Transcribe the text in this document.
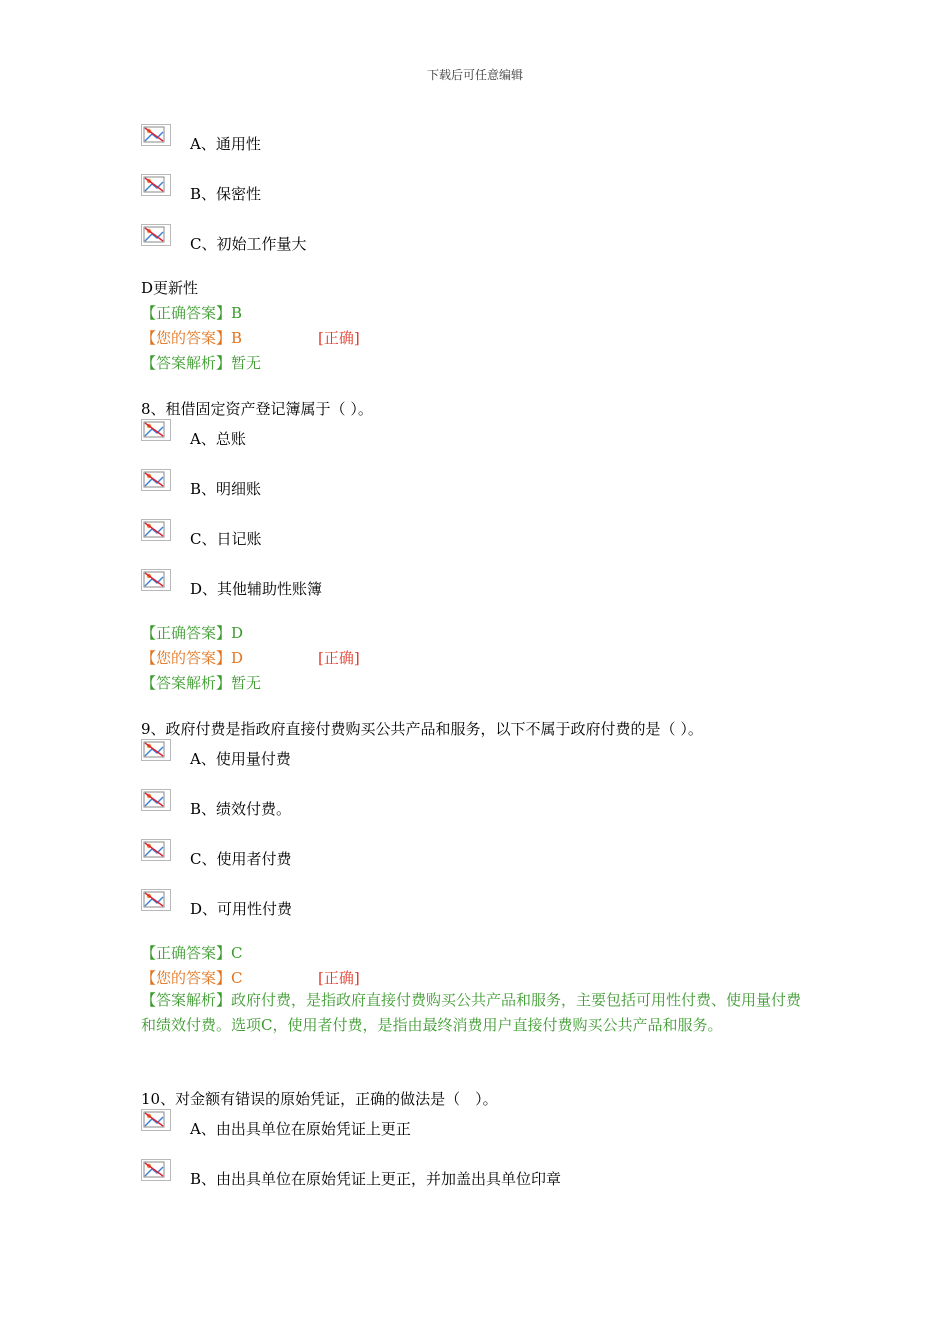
下载后可任意编辑
A、通用性
B、保密性
C、初始工作量大
D更新性
【正确答案】B
【您的答案】B	[正确]
【答案解析】暂无
8、租借固定资产登记簿属于（ ）。
A、总账
B、明细账
C、日记账
D、其他辅助性账簿
【正确答案】D
【您的答案】D	[正确]
【答案解析】暂无
9、政府付费是指政府直接付费购买公共产品和服务，以下不属于政府付费的是（ ）。
A、使用量付费
B、绩效付费。
C、使用者付费
D、可用性付费
【正确答案】C
【您的答案】C	[正确]
【答案解析】政府付费，是指政府直接付费购买公共产品和服务，主要包括可用性付费、使用量付费和绩效付费。选项C，使用者付费，是指由最终消费用户直接付费购买公共产品和服务。
10、对金额有错误的原始凭证，正确的做法是（　）。
A、由出具单位在原始凭证上更正
B、由出具单位在原始凭证上更正，并加盖出具单位印章
